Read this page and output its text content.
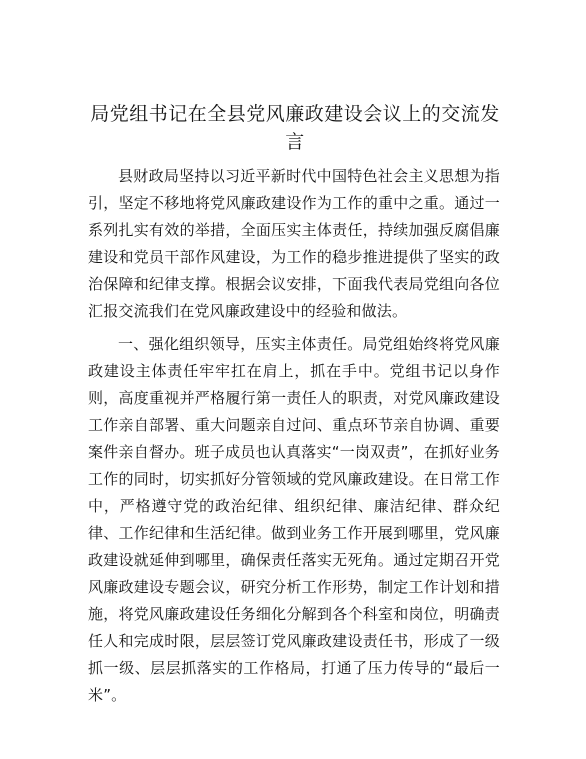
局党组书记在全县党风廉政建设会议上的交流发言

县财政局坚持以习近平新时代中国特色社会主义思想为指引，坚定不移地将党风廉政建设作为工作的重中之重。通过一系列扎实有效的举措，全面压实主体责任，持续加强反腐倡廉建设和党员干部作风建设，为工作的稳步推进提供了坚实的政治保障和纪律支撑。根据会议安排，下面我代表局党组向各位汇报交流我们在党风廉政建设中的经验和做法。

一、强化组织领导，压实主体责任。局党组始终将党风廉政建设主体责任牢牢扛在肩上，抓在手中。党组书记以身作则，高度重视并严格履行第一责任人的职责，对党风廉政建设工作亲自部署、重大问题亲自过问、重点环节亲自协调、重要案件亲自督办。班子成员也认真落实“一岗双责”，在抓好业务工作的同时，切实抓好分管领域的党风廉政建设。在日常工作中，严格遵守党的政治纪律、组织纪律、廉洁纪律、群众纪律、工作纪律和生活纪律。做到业务工作开展到哪里，党风廉政建设就延伸到哪里，确保责任落实无死角。通过定期召开党风廉政建设专题会议，研究分析工作形势，制定工作计划和措施，将党风廉政建设任务细化分解到各个科室和岗位，明确责任人和完成时限，层层签订党风廉政建设责任书，形成了一级抓一级、层层抓落实的工作格局，打通了压力传导的“最后一米”。
